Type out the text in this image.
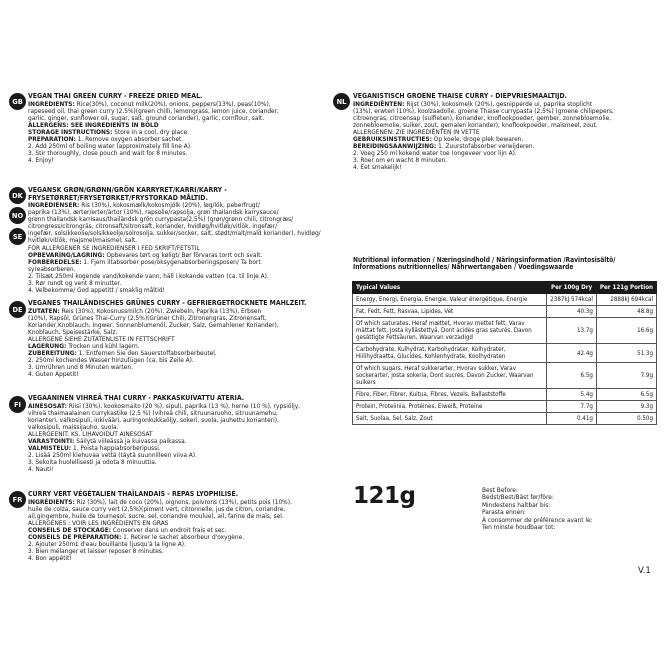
GB

VEGAN THAI GREEN CURRY - FREEZE DRIED MEAL.

INGREDIENTS: Rice(30%), coconut milk(20%), onions, peppers(13%), peas(10%),

rapeseed oil, thai green curry (2.5%)(green chilli, lemongrass, lemon juice, coriander,

garlic, ginger, sunflower oil, sugar, salt, ground coriander), garlic, cornflour, salt.

ALLERGENS: SEE INGREDIENTS IN BOLD

STORAGE INSTRUCTIONS: Store in a cool, dry place.

PREPARATION: 1. Remove oxygen absorber sachet.

2. Add 250ml of boiling water (approximately fill line A).

3. Stir thoroughly, close pouch and wait for 8 minutes.

4. Enjoy!

DK
NO
SE

VEGANSK GRØN/GRØNN/GRÖN KARRYRET/KARRI/KARRY - FRYSETØRRET/FRYSETØRKET/FRYSTORKAD MÅLTID.

INGREDIENSER: Ris (30%), kokosmælk/kokosmjölk (20%), løg/lök, peberfrugt/

paprika (13%), ærter/erter/ärtor (10%), rapsolie/rapsolja, grøn thailandsk karrysauce/

grønn thailandsk karrisaus/thailändsk grön currypasta(2,5%) (grøn/grønn chili, citrongræs/

citrongress/citrongräs, citronsaft/sitronsaft, koriander, hvidløg/hvitløk/vitlök, ingefær/

ingefær, solsikkeolie/solsikkeolje/solrosolja, sukker/socker, salt, stødt/malt/mald koriander), hvidløg/

hvitløk/vitlök, majsmel/maismel, salt.

FOR ALLERGENER SE INGREDIENSER I FED SKRIFT/FETSTIL

OPBEVARING/LAGRING: Opbevares tørt og køligt/ Bør förvaras torrt och svalt.

FORBEREDELSE: 1. Fjern iltabsorber pose/oksygenabsorberingsposen/ Ta bort

syreabsorberen.

2. Tilsæt 250ml kogende vand/kokende vann, häll i kokande vatten (ca. til linje A).

3. Rør rundt og vent 8 minutter.

4. Velbekomme/ God appetitt / smaklig måltid!

DE

VEGANES THAILÄNDISCHES GRÜNES CURRY - GEFRIERGETROCKNETE MAHLZEIT.

ZUTATEN: Reis (30%), Kokosnussmilch (20%), Zwiebeln, Paprika (13%), Erbsen

(10%), Rapsöl, Grünes Thai-Curry (2,5%)(Grüner Chili, Zitronengras, Zitronensaft,

Koriander,Knoblauch, Ingwer, Sonnenblumenöl, Zucker, Salz, Gemahlener Koriander),

Knoblauch, Speisestärke, Salz.

ALLERGENE SIEHE ZUTATENLISTE IN FETTSCHRIFT

LAGERUNG: Trocken und kühl lagern.

ZUBEREITUNG: 1. Entfernen Sie den Sauerstoffabsorberbeutel.

2. 250ml kochendes Wasser hinzufügen (ca. bis Zeile A).

3. Umrühren und 8 Minuten warten.

4. Guten Appetit!

FI

VEGAANINEN VIHREÄ THAI CURRY - PAKKASKUIVATTU ATERIA.

AINESOSAT: Riisi (30%), kookosmaito (20 %), sipuli, paprika (13 %), herne (10 %), rypsiöljy,

vihreä thaimaalainen currykastike (2,5 %) (vihreä chili, sitruunaruoho, sitruunamehu,

korianteri, valkosipuli, inkivääri, auringonkukkaöljy, sokeri, suola, jauhettu korianteri),

valkosipuli, maissijauho, suola.

ALLERGEENIT: KS. LIHAVOIDUT AINESOSAT

VARASTOINTI: Säilytä viileässä ja kuivassa paikassa.

VALMISTELU: 1. Poista happiabsorberipussi.

2. Lisää 250ml kiehuvaa vettä (täytä suunnilleen viiva A).

3. Sekoita huolellisesti ja odota 8 minuuttia.

4. Nauti!

FR

CURRY VERT VÉGÉTALIEN THAÏLANDAIS - REPAS LYOPHILISÉ.

INGRÉDIENTS: Riz (30%), lait de coco (20%), oignons, poivrons (13%), petits pois (10%),

huile de colza, sauce curry vert (2,5%)(piment vert, citronnelle, jus de citron, coriandre,

ail,gingembre, huile de tournesol, sucre, sel, coriandre moulue), ail, farine de maïs, sel.

ALLERGÈNES : VOIR LES INGRÉDIENTS EN GRAS

CONSEILS DE STOCKAGE: Conserver dans un endroit frais et sec.

CONSEILS DE PRÉPARATION: 1. Retirer le sachet absorbeur d'oxygène.

2. Ajouter 250mL d'eau bouillante (jusqu'à la ligne A).

3. Bien mélanger et laisser reposer 8 minutes.

4. Bon appétit!

NL

VEGANISTISCH GROENE THAISE CURRY - DIEPVRIESMAALTIJD.

INGREDIËNTEN: Rijst (30%), kokosmelk (20%), gesnipperde ui, paprika stoplicht

(13%), erwten (10%), koolzaadolie, groene Thaise currypasta (2,5%) (groene chilipepers,

citroengras, citroensap (sulfieten), koriander, knoflookpoeder, gember, zonnebloemolie,

zonnebloemolie, suiker, zout, gemalen koriander), knoflookpoeder, maïsmeel, zout.

ALLERGENEN: ZIE INGREDIËNTEN IN VETTE

GEBRUIKSINSTRUCTIES: Op koele, droge plek bewaren.

BEREIDINGSAANWIJZING: 1. Zuurstofabsorber verwijderen.

2. Voeg 250 ml kokend water toe (ongeveer voor lijn A).

3. Roer om en wacht 8 minuten.

4. Eet smakelijk!

Nutritional information / Næringsindhold / Näringsinformation /Ravintosisältö/
Informations nutritionnelles/ Nährwertangaben / Voedingswaarde
Typical Values	Per 100g Dry	Per 121g Portion
Energy, Energi, Energia, Energie, Valeur énergétique, Energie	2387kJ 574kcal	2888kJ 694kcal
Fat, Fedt, Fett, Rasvaa, Lipides, Vet	40.3g	48.8g
Of which saturates, Heraf mættet, Hvorav mettet fett, Varav mättat fett, Josta kyllästettyä, Dont acides gras saturés, Davon gesättigte Fettsäuren, Waarvan verzadigd	13.7g	16.6g
Carbohydrate, Kulhydrat, Karbohydrater, Kolhydrater, Hiilihydraatta, Glucides, Kohlenhydrate, Koolhydraten	42.4g	51.3g
Of which sugars, Heraf sukkerarter, Hvorav sukker, Varav sockerarter, Josta sokeria, Dont sucres, Davon Zucker, Waarvan suikers	6.5g	7.9g
Fibre, Fiber, Fibrer, Kuitua, Fibres, Vezels, Ballaststoffe	5.4g	6.5g
Protein, Proteiinia, Protéines, Eiweiß, Proteïne	7.7g	9.3g
Salt, Suolaa, Sel, Salz, Zout	0.41g	0.50g
121g	Best Before:
Bedst/Best/Bäst før/före:
Mindestens haltbar bis:
Parasta ennen:
À consommer de préférence avant le:
Ten minste houdbaar tot:
V.1
